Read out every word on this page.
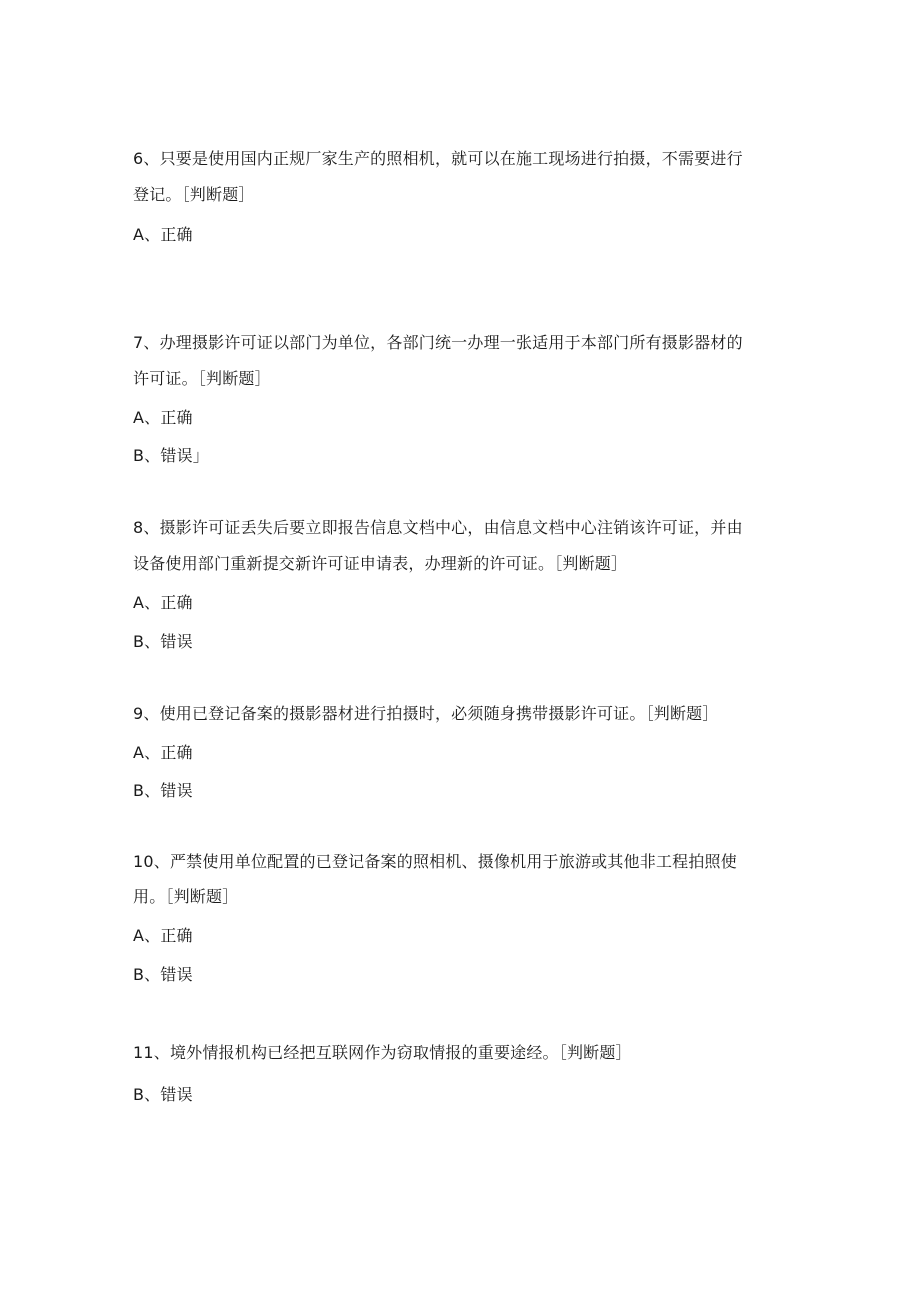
6、只要是使用国内正规厂家生产的照相机，就可以在施工现场进行拍摄，不需要进行
登记。［判断题］
A、正确
7、办理摄影许可证以部门为单位，各部门统一办理一张适用于本部门所有摄影器材的
许可证。［判断题］
A、正确
B、错误」
8、摄影许可证丢失后要立即报告信息文档中心，由信息文档中心注销该许可证，并由
设备使用部门重新提交新许可证申请表，办理新的许可证。［判断题］
A、正确
B、错误
9、使用已登记备案的摄影器材进行拍摄时，必须随身携带摄影许可证。［判断题］
A、正确
B、错误
10、严禁使用单位配置的已登记备案的照相机、摄像机用于旅游或其他非工程拍照使
用。［判断题］
A、正确
B、错误
11、境外情报机构已经把互联网作为窃取情报的重要途经。［判断题］
B、错误
